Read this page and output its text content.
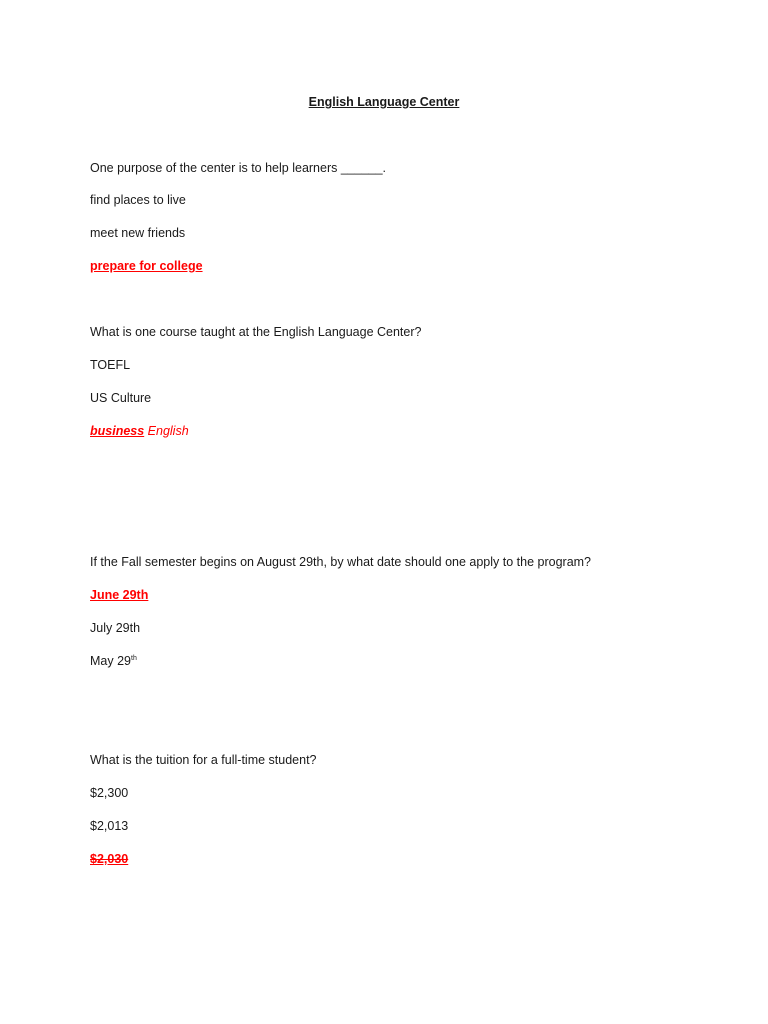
English Language Center
One purpose of the center is to help learners ______.
find places to live
meet new friends
prepare for college
What is one course taught at the English Language Center?
TOEFL
US Culture
business English
If the Fall semester begins on August 29th, by what date should one apply to the program?
June 29th
July 29th
May 29th
What is the tuition for a full-time student?
$2,300
$2,013
$2,030
